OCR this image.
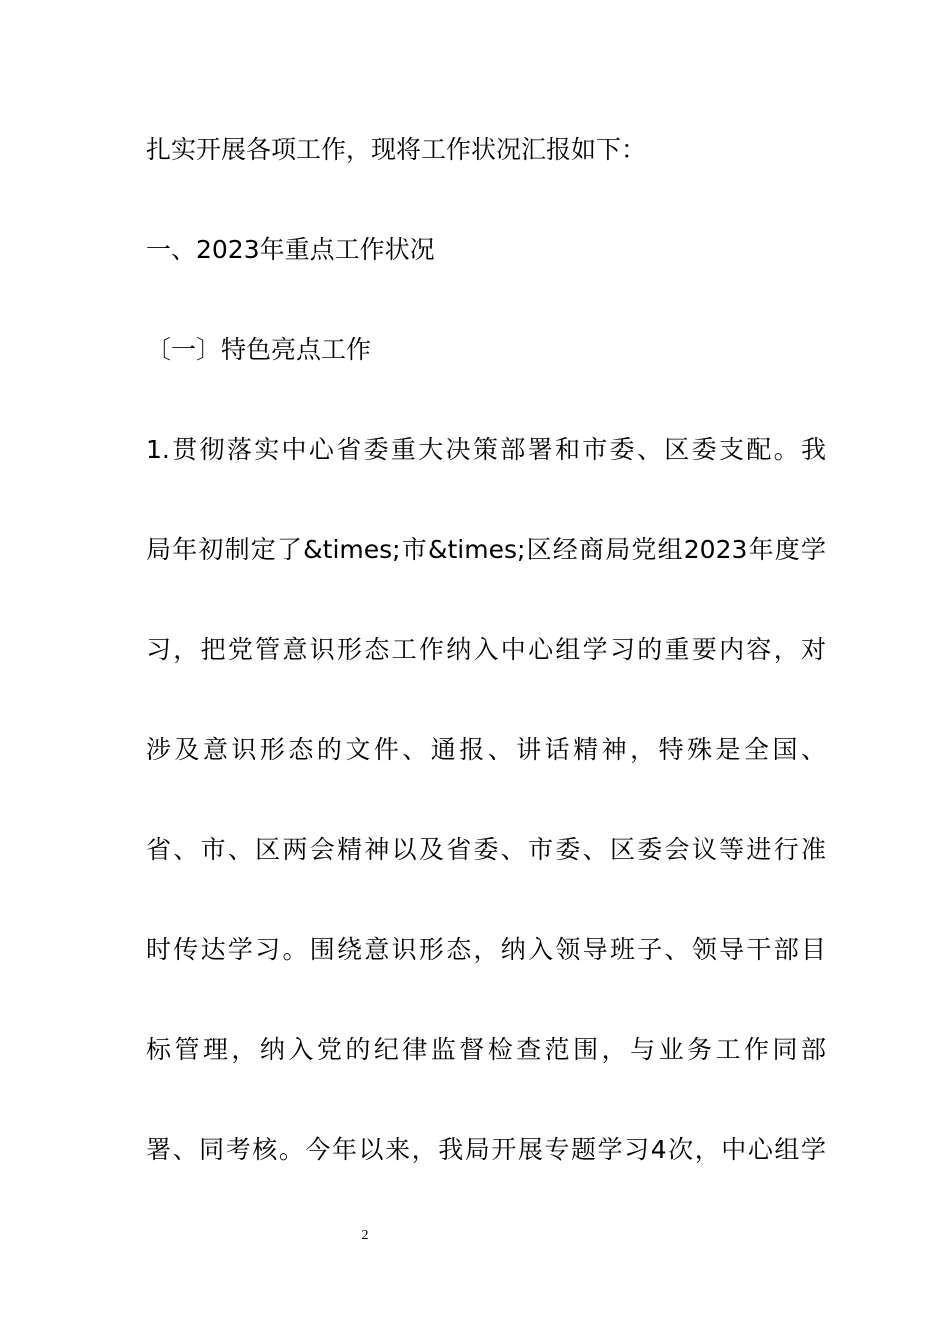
扎实开展各项工作，现将工作状况汇报如下：
一、2023年重点工作状况
〔一〕特色亮点工作
1.贯彻落实中心省委重大决策部署和市委、区委支配。我
局年初制定了&times;市&times;区经商局党组2023年度学
习，把党管意识形态工作纳入中心组学习的重要内容，对
涉及意识形态的文件、通报、讲话精神，特殊是全国、
省、市、区两会精神以及省委、市委、区委会议等进行准
时传达学习。围绕意识形态，纳入领导班子、领导干部目
标管理，纳入党的纪律监督检查范围，与业务工作同部
署、同考核。今年以来，我局开展专题学习4次，中心组学
2
